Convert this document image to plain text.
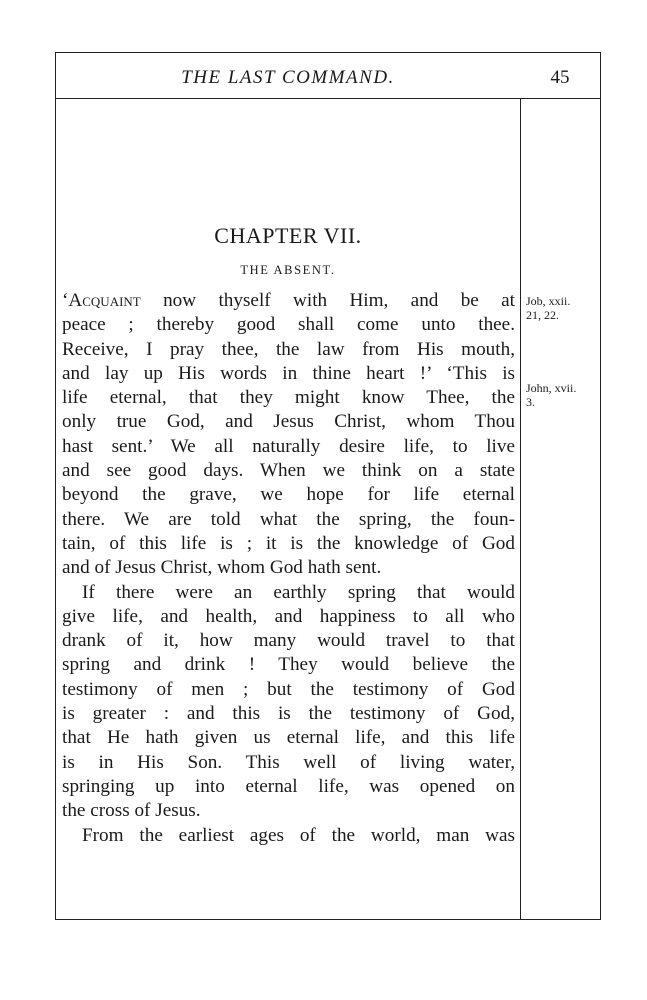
THE LAST COMMAND.	45
CHAPTER VII.
THE ABSENT.
‘Acquaint now thyself with Him, and be at
peace ; thereby good shall come unto thee.
Receive, I pray thee, the law from His mouth,
and lay up His words in thine heart !’ ‘This is
life eternal, that they might know Thee, the
only true God, and Jesus Christ, whom Thou
hast sent.’ We all naturally desire life, to live
and see good days. When we think on a state
beyond the grave, we hope for life eternal
there. We are told what the spring, the foun-
tain, of this life is ; it is the knowledge of God
and of Jesus Christ, whom God hath sent.
If there were an earthly spring that would
give life, and health, and happiness to all who
drank of it, how many would travel to that
spring and drink ! They would believe the
testimony of men ; but the testimony of God
is greater : and this is the testimony of God,
that He hath given us eternal life, and this life
is in His Son. This well of living water,
springing up into eternal life, was opened on
the cross of Jesus.
From the earliest ages of the world, man was
Job, xxii.
21, 22.
John, xvii.
3.
